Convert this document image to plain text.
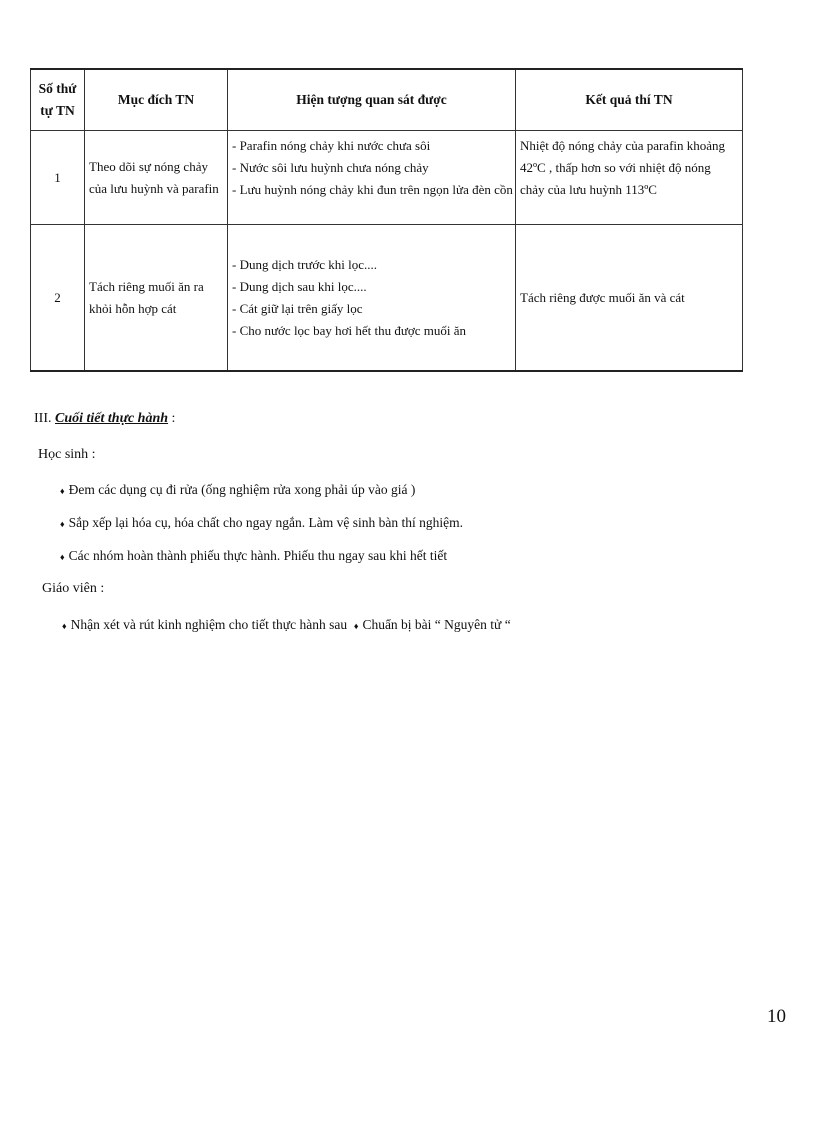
Số thứ tự TN	Mục đích TN	Hiện tượng quan sát được	Kết quả thí TN
1	Theo dõi sự nóng chảy của lưu huỳnh và parafin	- Parafin nóng chảy khi nước chưa sôi
- Nước sôi lưu huỳnh chưa nóng chảy
- Lưu huỳnh nóng chảy khi đun trên ngọn lửa đèn cồn	Nhiệt độ nóng chảy của parafin khoảng 42ºC , thấp hơn so với nhiệt độ nóng chảy của lưu huỳnh 113ºC
2	Tách riêng muối ăn ra khỏi hỗn hợp cát	- Dung dịch trước khi lọc....
- Dung dịch sau khi lọc....
- Cát giữ lại trên giấy lọc
- Cho nước lọc bay hơi hết thu được muối ăn	Tách riêng được muối ăn và cát
III. Cuối tiết thực hành :
Học sinh :
♦ Đem các dụng cụ đi rửa (ống nghiệm rửa xong phải úp vào giá )
♦ Sắp xếp lại hóa cụ, hóa chất cho ngay ngắn. Làm vệ sinh bàn thí nghiệm.
♦ Các nhóm hoàn thành phiếu thực hành. Phiếu thu ngay sau khi hết tiết
Giáo viên :
♦ Nhận xét và rút kinh nghiệm cho tiết thực hành sau ♦ Chuẩn bị bài “ Nguyên tử “
10
